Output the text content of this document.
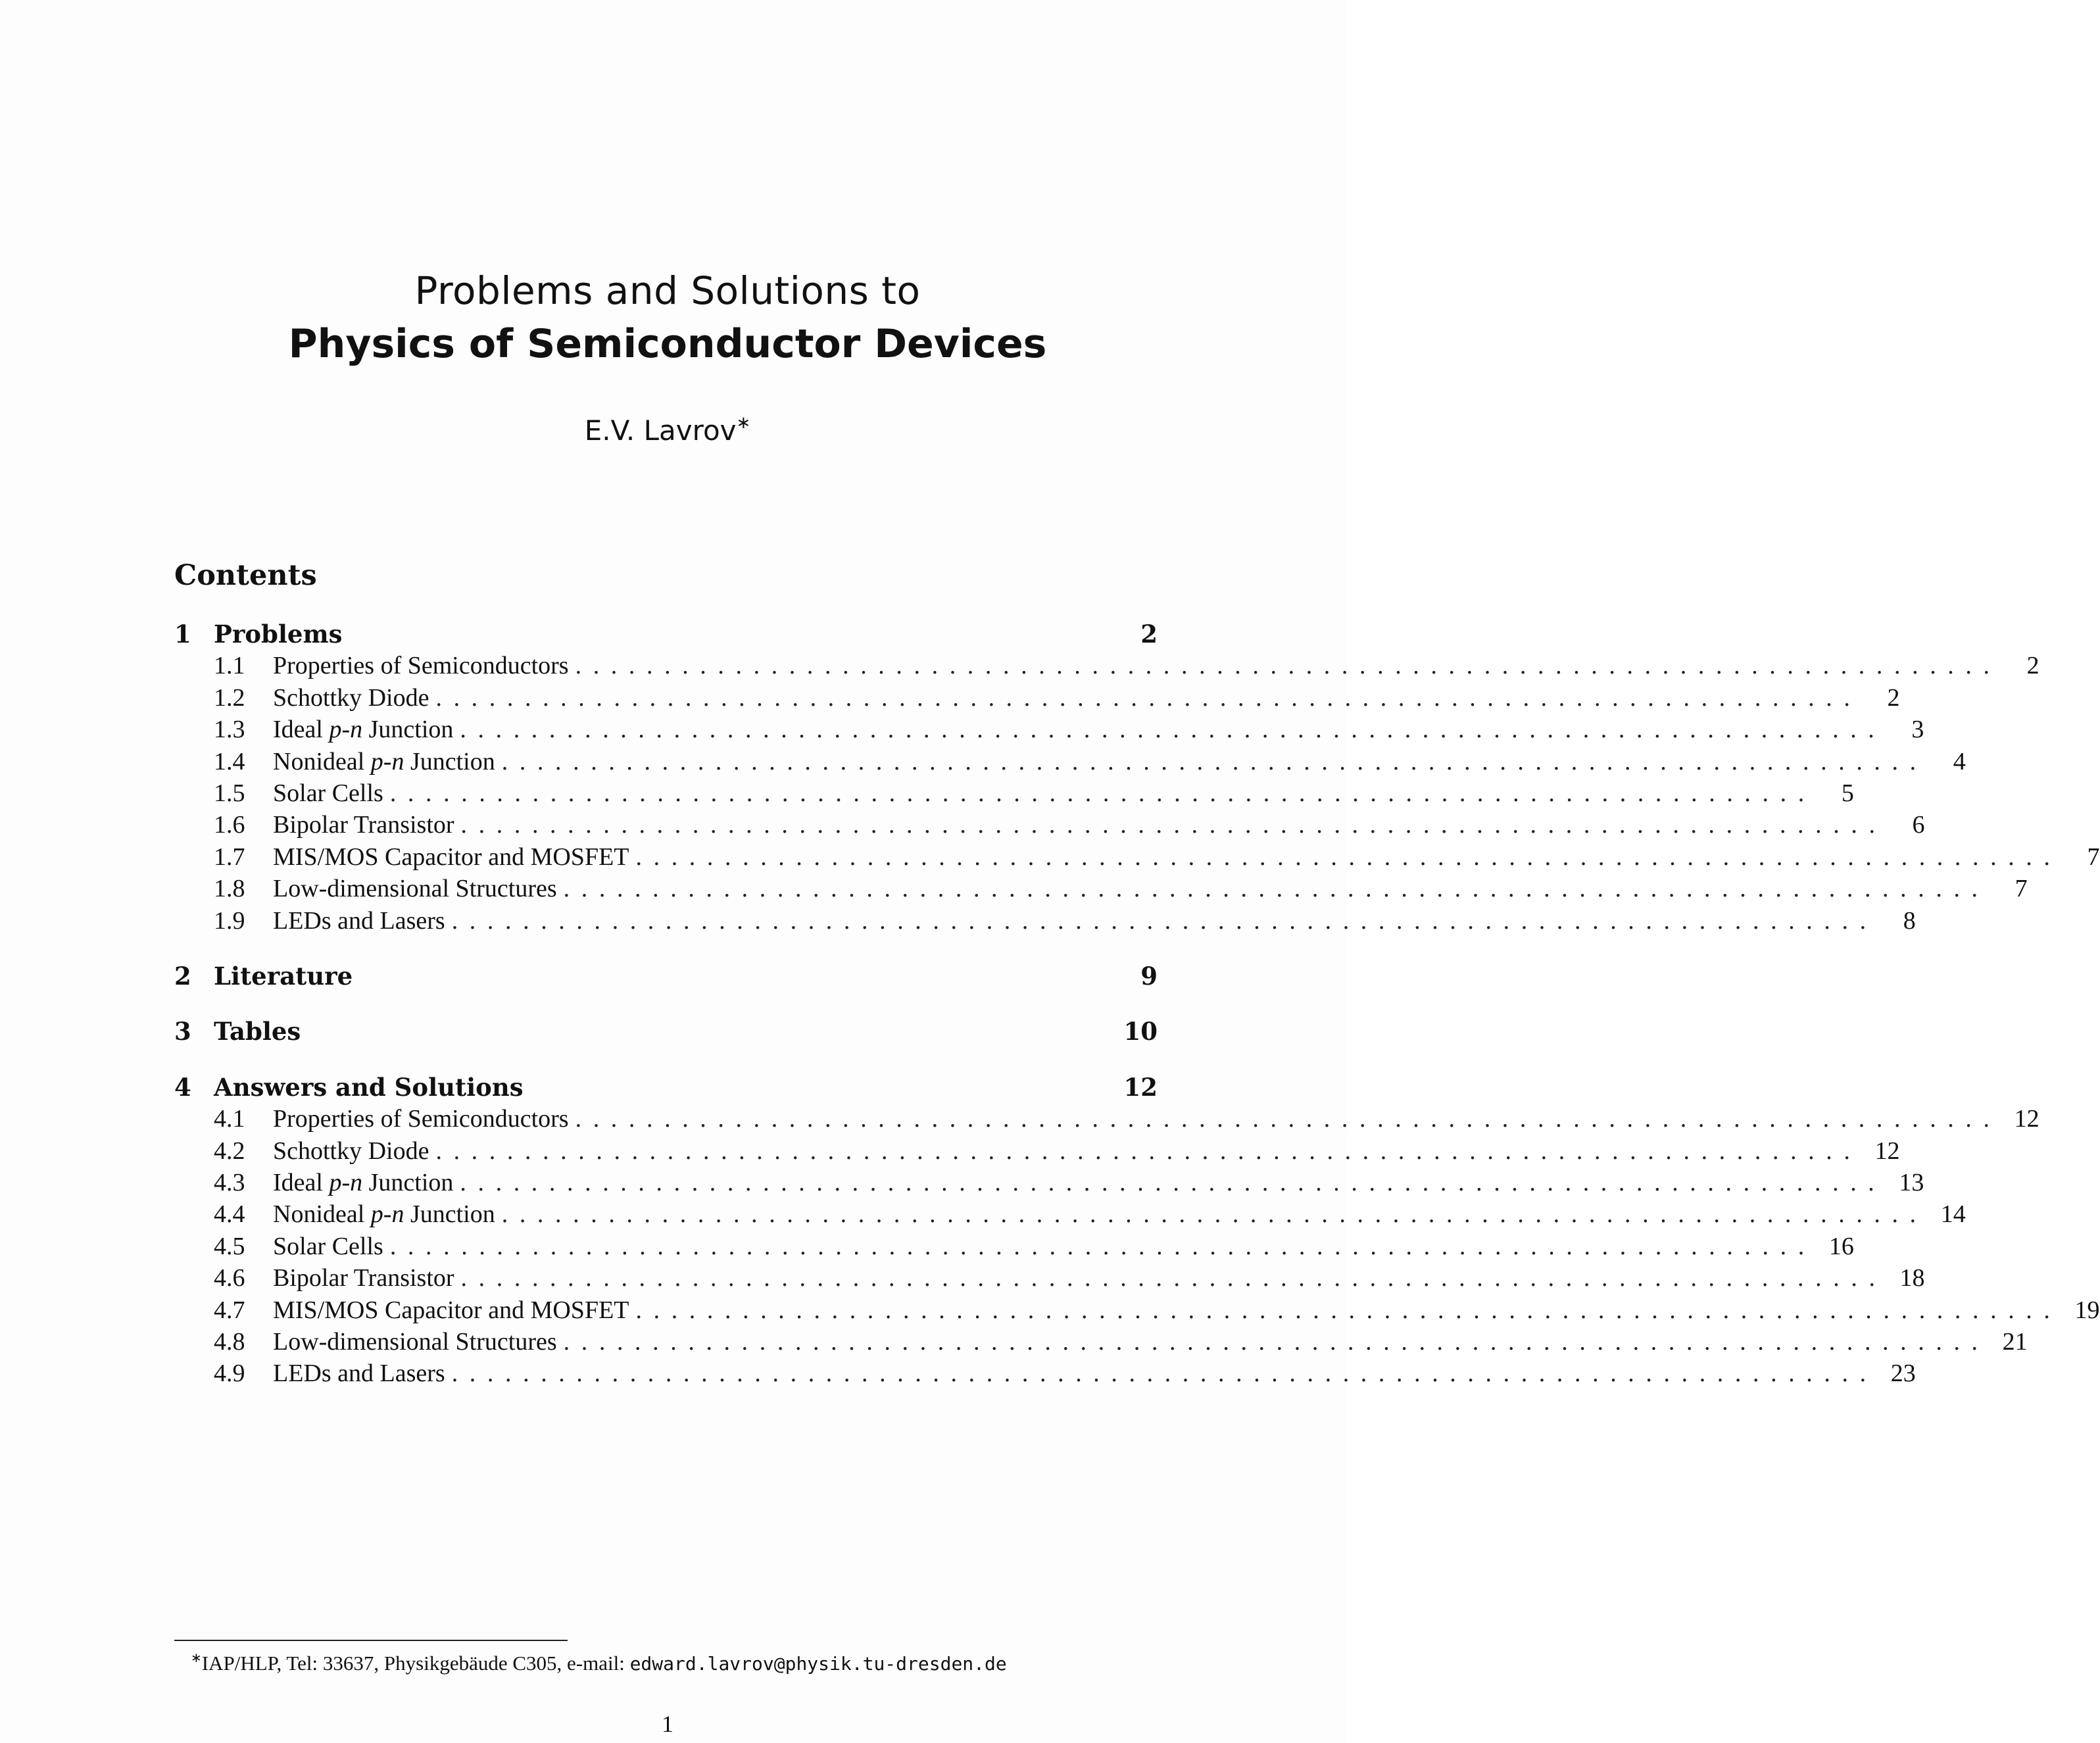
Problems and Solutions to
Physics of Semiconductor Devices
E.V. Lavrov∗
Contents
1 Problems	2
1.1	Properties of Semiconductors ................................................................................	2
1.2	Schottky Diode ................................................................................	2
1.3	Ideal p-n Junction ................................................................................	3
1.4	Nonideal p-n Junction ................................................................................	4
1.5	Solar Cells ................................................................................	5
1.6	Bipolar Transistor ................................................................................	6
1.7	MIS/MOS Capacitor and MOSFET ................................................................................	7
1.8	Low-dimensional Structures ................................................................................	7
1.9	LEDs and Lasers ................................................................................	8
2 Literature	9
3 Tables	10
4 Answers and Solutions	12
4.1	Properties of Semiconductors ................................................................................ 12
4.2	Schottky Diode ................................................................................ 12
4.3	Ideal p-n Junction ................................................................................ 13
4.4	Nonideal p-n Junction ................................................................................ 14
4.5	Solar Cells ................................................................................ 16
4.6	Bipolar Transistor ................................................................................ 18
4.7	MIS/MOS Capacitor and MOSFET ................................................................................ 19
4.8	Low-dimensional Structures ................................................................................ 21
4.9	LEDs and Lasers ................................................................................ 23
∗IAP/HLP, Tel: 33637, Physikgebäude C305, e-mail: edward.lavrov@physik.tu-dresden.de
1
